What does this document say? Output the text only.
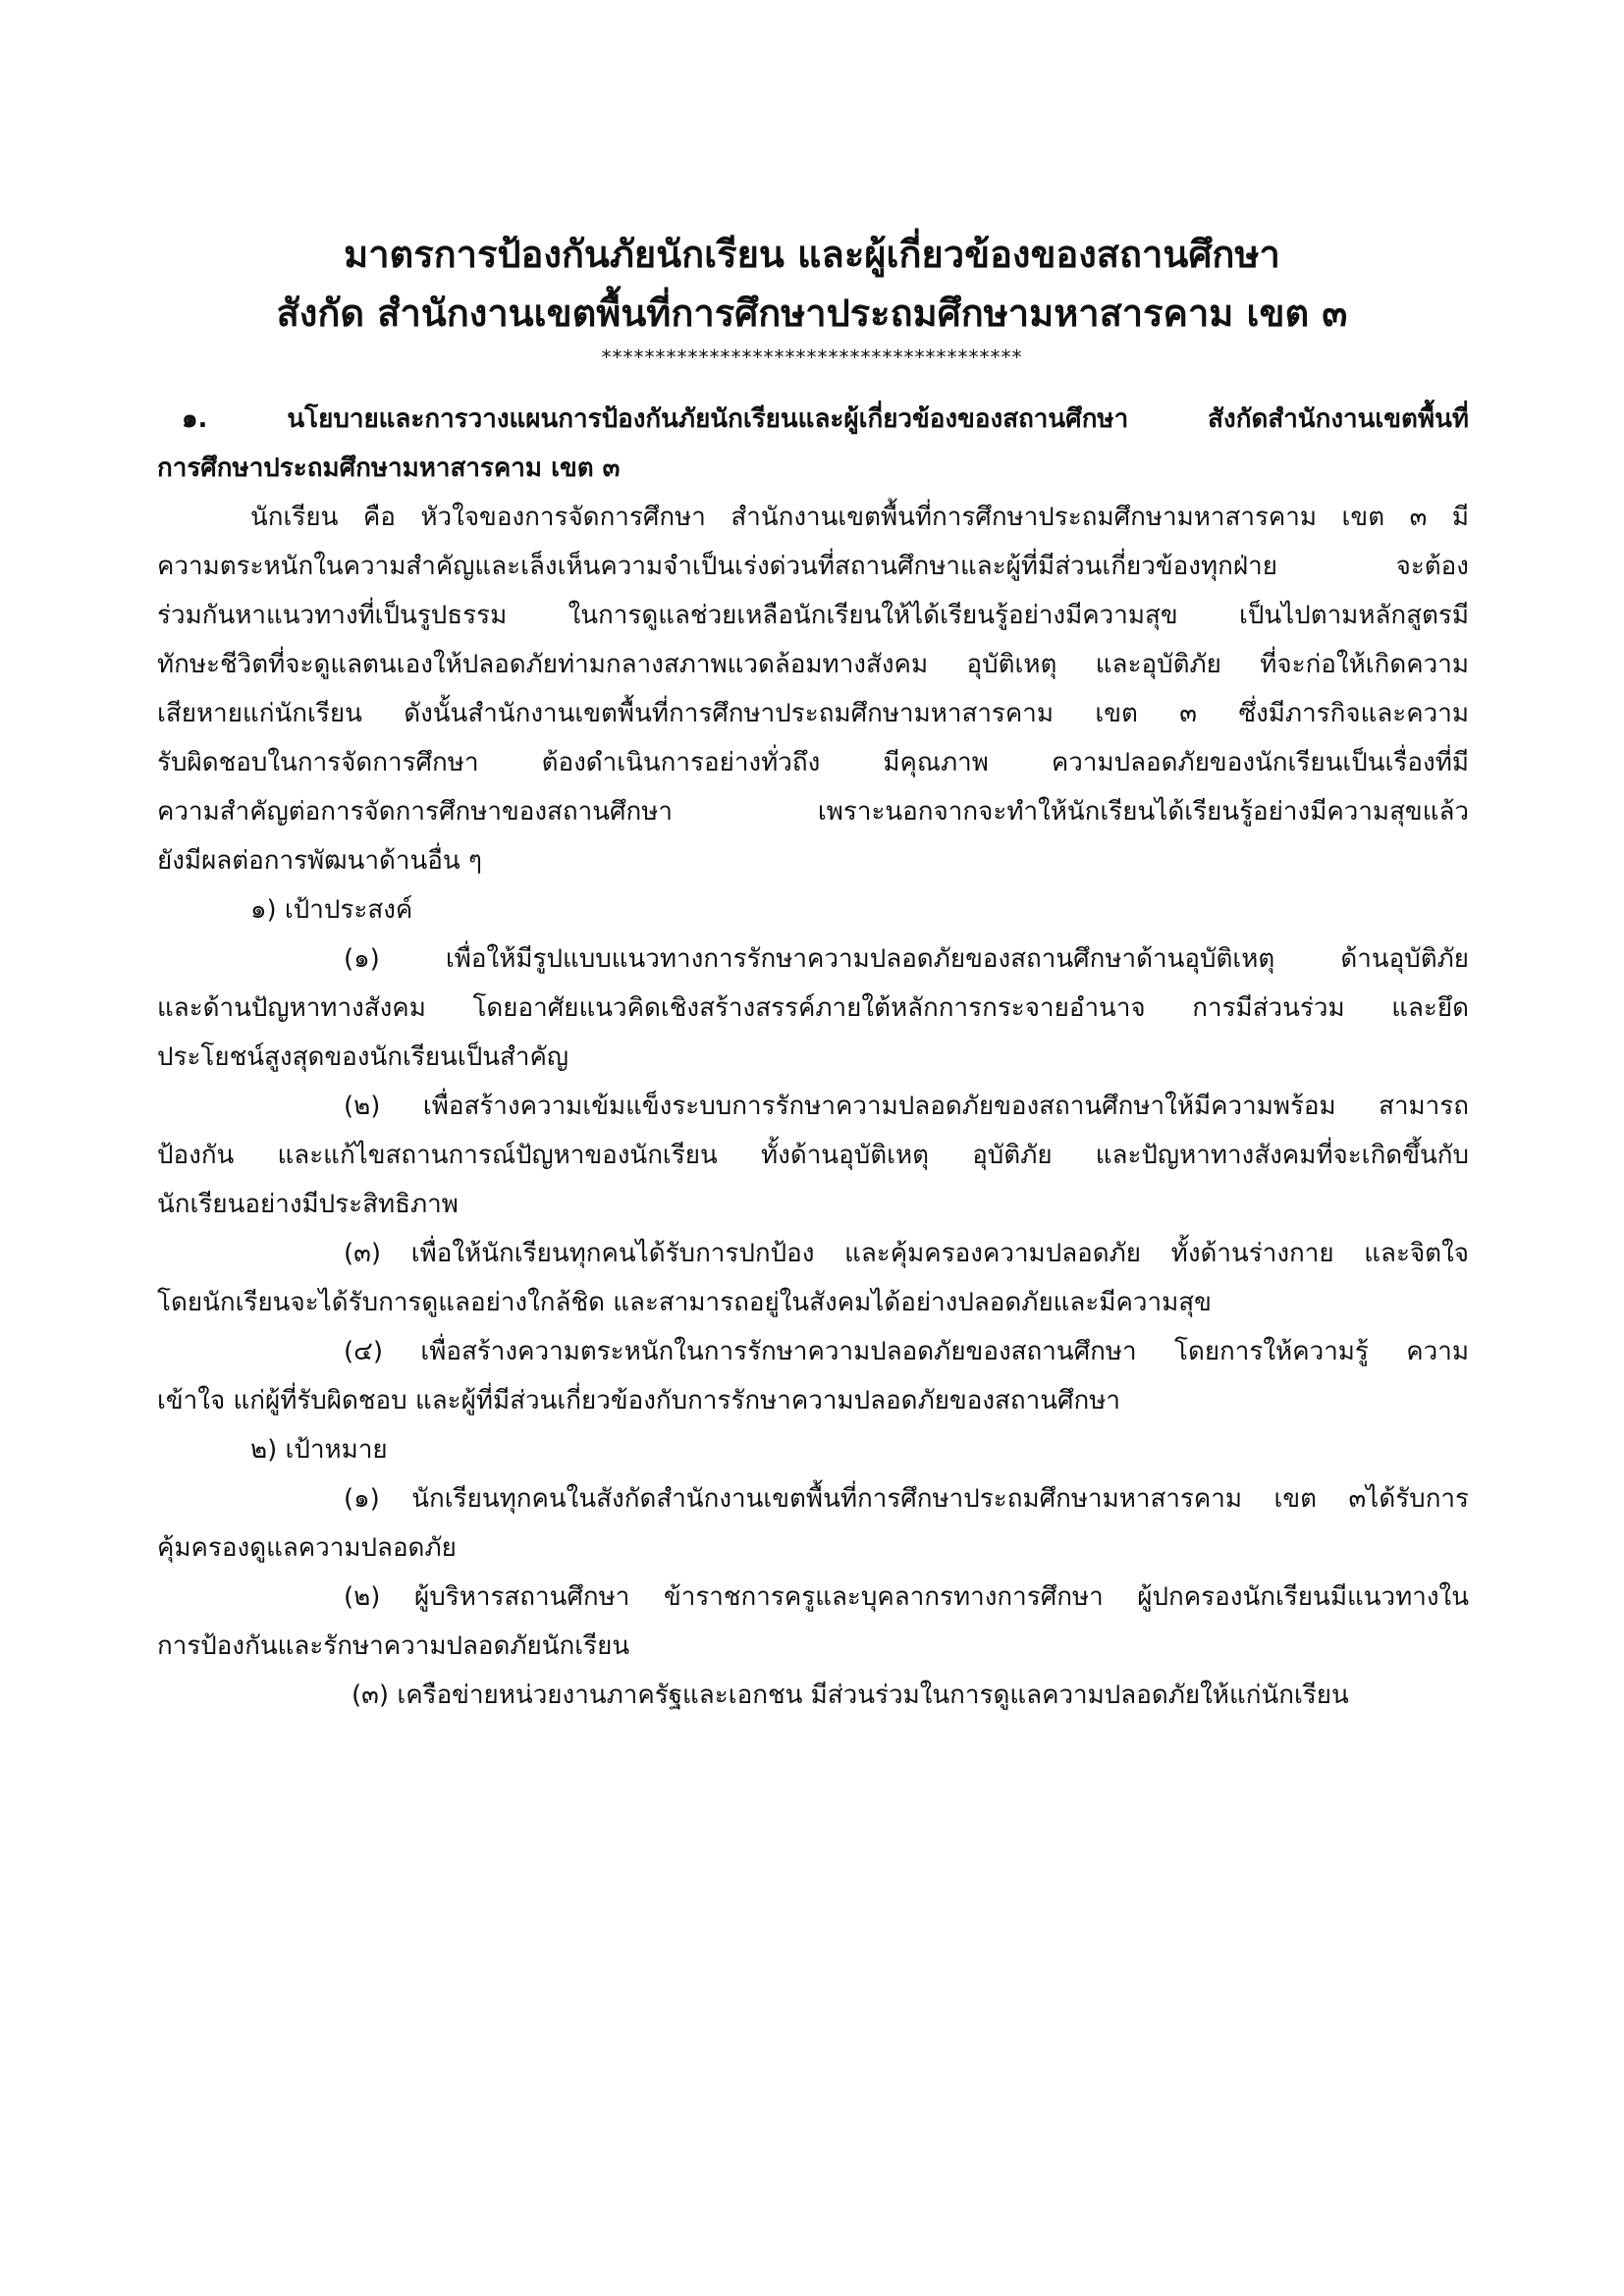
มาตรการป้องกันภัยนักเรียน และผู้เกี่ยวข้องของสถานศึกษา
สังกัด สำนักงานเขตพื้นที่การศึกษาประถมศึกษามหาสารคาม เขต ๓
***************************************
๑. นโยบายและการวางแผนการป้องกันภัยนักเรียนและผู้เกี่ยวข้องของสถานศึกษา สังกัดสำนักงานเขตพื้นที่
การศึกษาประถมศึกษามหาสารคาม เขต ๓
นักเรียน คือ หัวใจของการจัดการศึกษา สำนักงานเขตพื้นที่การศึกษาประถมศึกษามหาสารคาม เขต ๓ มี
ความตระหนักในความสำคัญและเล็งเห็นความจำเป็นเร่งด่วนที่สถานศึกษาและผู้ที่มีส่วนเกี่ยวข้องทุกฝ่าย จะต้อง
ร่วมกันหาแนวทางที่เป็นรูปธรรม ในการดูแลช่วยเหลือนักเรียนให้ได้เรียนรู้อย่างมีความสุข เป็นไปตามหลักสูตรมี
ทักษะชีวิตที่จะดูแลตนเองให้ปลอดภัยท่ามกลางสภาพแวดล้อมทางสังคม อุบัติเหตุ และอุบัติภัย ที่จะก่อให้เกิดความ
เสียหายแก่นักเรียน ดังนั้นสำนักงานเขตพื้นที่การศึกษาประถมศึกษามหาสารคาม เขต ๓ ซึ่งมีภารกิจและความ
รับผิดชอบในการจัดการศึกษา ต้องดำเนินการอย่างทั่วถึง มีคุณภาพ ความปลอดภัยของนักเรียนเป็นเรื่องที่มี
ความสำคัญต่อการจัดการศึกษาของสถานศึกษา เพราะนอกจากจะทำให้นักเรียนได้เรียนรู้อย่างมีความสุขแล้ว
ยังมีผลต่อการพัฒนาด้านอื่น ๆ
๑) เป้าประสงค์
(๑) เพื่อให้มีรูปแบบแนวทางการรักษาความปลอดภัยของสถานศึกษาด้านอุบัติเหตุ ด้านอุบัติภัย
และด้านปัญหาทางสังคม โดยอาศัยแนวคิดเชิงสร้างสรรค์ภายใต้หลักการกระจายอำนาจ การมีส่วนร่วม และยึด
ประโยชน์สูงสุดของนักเรียนเป็นสำคัญ
(๒) เพื่อสร้างความเข้มแข็งระบบการรักษาความปลอดภัยของสถานศึกษาให้มีความพร้อม สามารถ
ป้องกัน และแก้ไขสถานการณ์ปัญหาของนักเรียน ทั้งด้านอุบัติเหตุ อุบัติภัย และปัญหาทางสังคมที่จะเกิดขึ้นกับ
นักเรียนอย่างมีประสิทธิภาพ
(๓) เพื่อให้นักเรียนทุกคนได้รับการปกป้อง และคุ้มครองความปลอดภัย ทั้งด้านร่างกาย และจิตใจ
โดยนักเรียนจะได้รับการดูแลอย่างใกล้ชิด และสามารถอยู่ในสังคมได้อย่างปลอดภัยและมีความสุข
(๔) เพื่อสร้างความตระหนักในการรักษาความปลอดภัยของสถานศึกษา โดยการให้ความรู้ ความ
เข้าใจ แก่ผู้ที่รับผิดชอบ และผู้ที่มีส่วนเกี่ยวข้องกับการรักษาความปลอดภัยของสถานศึกษา
๒) เป้าหมาย
(๑) นักเรียนทุกคนในสังกัดสำนักงานเขตพื้นที่การศึกษาประถมศึกษามหาสารคาม เขต ๓ได้รับการ
คุ้มครองดูแลความปลอดภัย
(๒) ผู้บริหารสถานศึกษา ข้าราชการครูและบุคลากรทางการศึกษา ผู้ปกครองนักเรียนมีแนวทางใน
การป้องกันและรักษาความปลอดภัยนักเรียน
(๓) เครือข่ายหน่วยงานภาครัฐและเอกชน มีส่วนร่วมในการดูแลความปลอดภัยให้แก่นักเรียน
